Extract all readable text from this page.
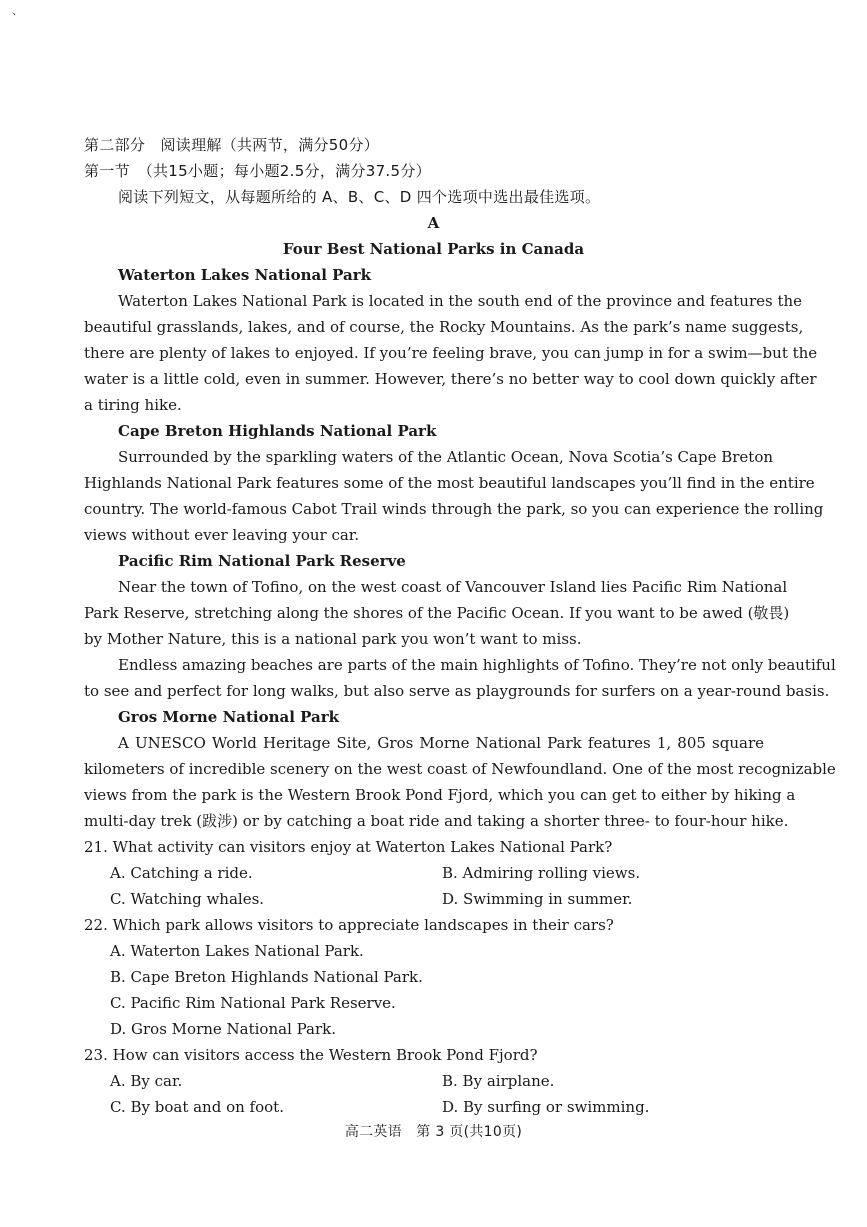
、
第二部分　阅读理解（共两节，满分50分）
第一节　（共15小题；每小题2.5分，满分37.5分）
阅读下列短文，从每题所给的 A、B、C、D 四个选项中选出最佳选项。
A
Four Best National Parks in Canada
Waterton Lakes National Park
Waterton Lakes National Park is located in the south end of the province and features the
beautiful grasslands, lakes, and of course, the Rocky Mountains. As the park’s name suggests,
there are plenty of lakes to enjoyed. If you’re feeling brave, you can jump in for a swim—but the
water is a little cold, even in summer. However, there’s no better way to cool down quickly after
a tiring hike.
Cape Breton Highlands National Park
Surrounded by the sparkling waters of the Atlantic Ocean, Nova Scotia’s Cape Breton
Highlands National Park features some of the most beautiful landscapes you’ll find in the entire
country. The world-famous Cabot Trail winds through the park, so you can experience the rolling
views without ever leaving your car.
Pacific Rim National Park Reserve
Near the town of Tofino, on the west coast of Vancouver Island lies Pacific Rim National
Park Reserve, stretching along the shores of the Pacific Ocean. If you want to be awed (敬畏)
by Mother Nature, this is a national park you won’t want to miss.
Endless amazing beaches are parts of the main highlights of Tofino. They’re not only beautiful
to see and perfect for long walks, but also serve as playgrounds for surfers on a year-round basis.
Gros Morne National Park
A UNESCO World Heritage Site, Gros Morne National Park features 1, 805 square
kilometers of incredible scenery on the west coast of Newfoundland. One of the most recognizable
views from the park is the Western Brook Pond Fjord, which you can get to either by hiking a
multi-day trek (跋涉) or by catching a boat ride and taking a shorter three- to four-hour hike.
21. What activity can visitors enjoy at Waterton Lakes National Park?
A. Catching a ride.	B. Admiring rolling views.
C. Watching whales.	D. Swimming in summer.
22. Which park allows visitors to appreciate landscapes in their cars?
A. Waterton Lakes National Park.
B. Cape Breton Highlands National Park.
C. Pacific Rim National Park Reserve.
D. Gros Morne National Park.
23. How can visitors access the Western Brook Pond Fjord?
A. By car.	B. By airplane.
C. By boat and on foot.	D. By surfing or swimming.
高二英语　第 3 页(共10页)
